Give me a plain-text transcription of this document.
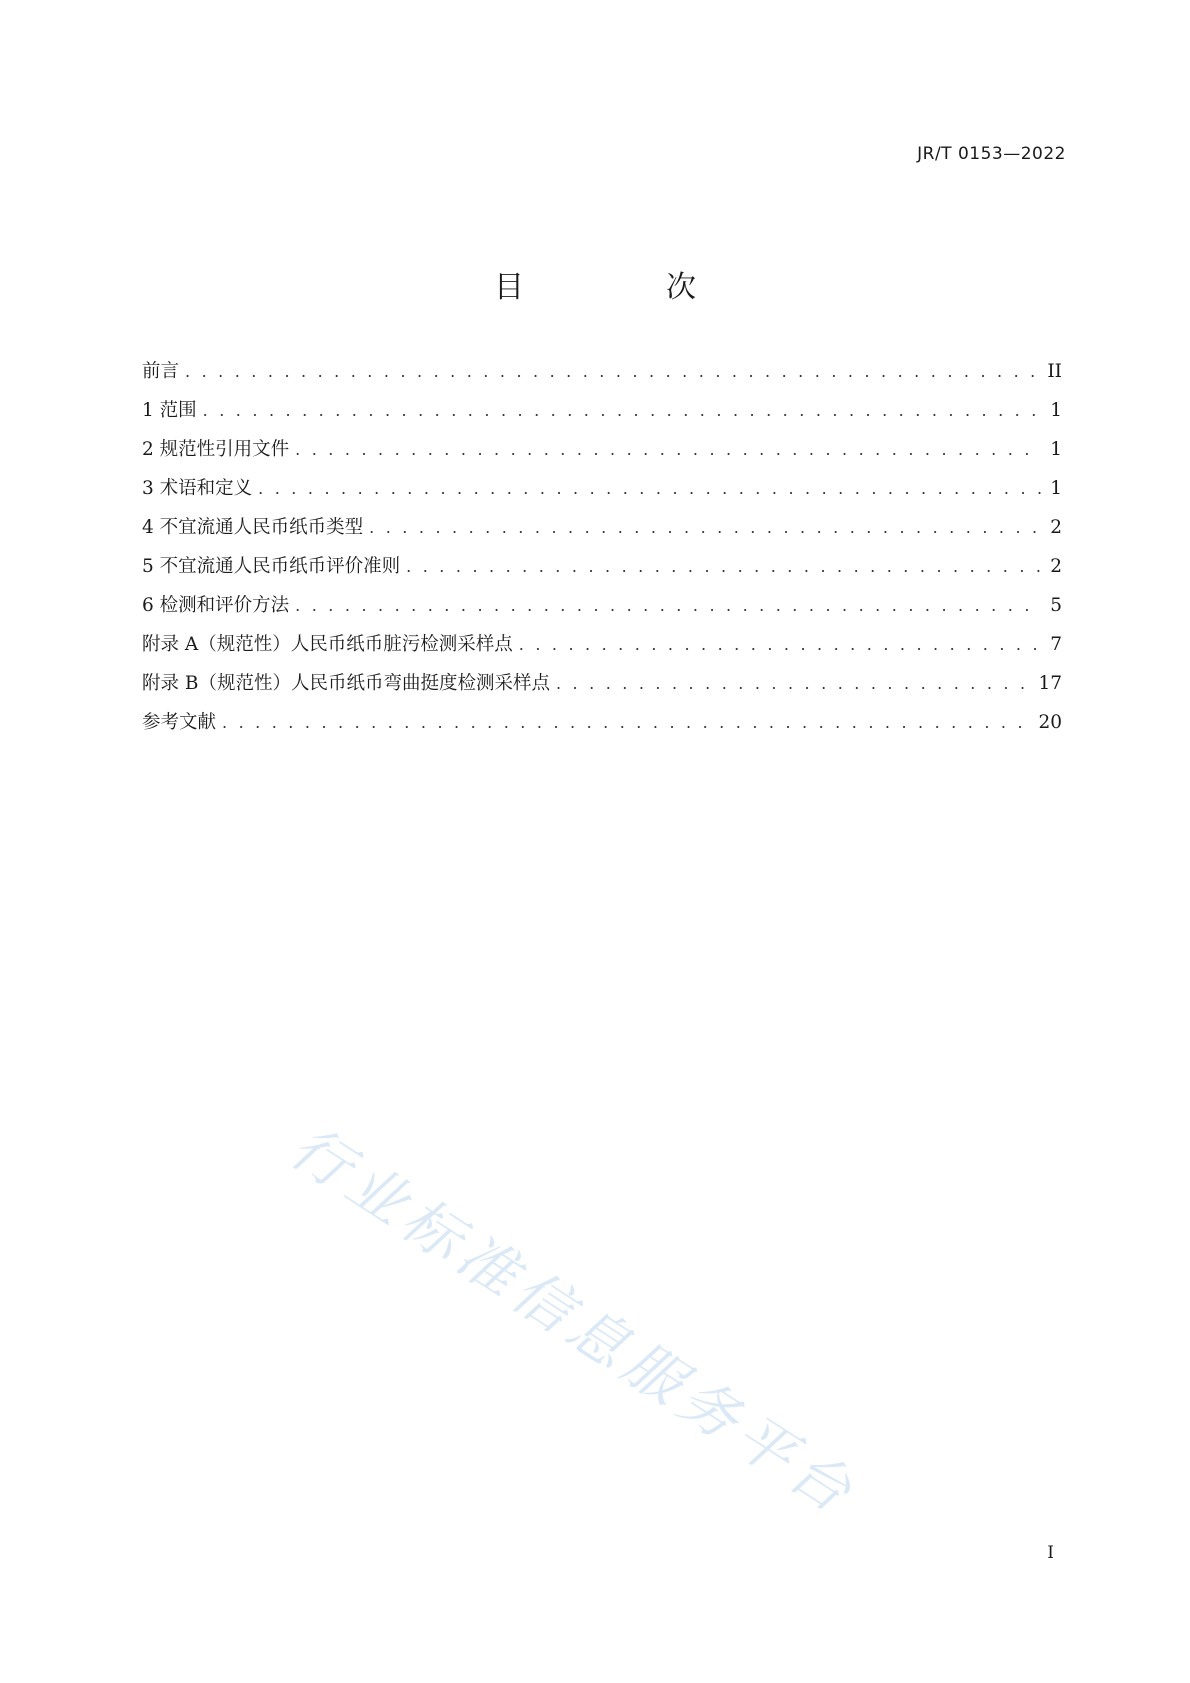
JR/T 0153—2022
目　次
前言 . . .	II
1 范围 . . .	1
2 规范性引用文件 . . .	1
3 术语和定义 . . .	1
4 不宜流通人民币纸币类型 . . .	2
5 不宜流通人民币纸币评价准则 . . .	2
6 检测和评价方法 . . .	5
附录 A（规范性）人民币纸币脏污检测采样点 . . .	7
附录 B（规范性）人民币纸币弯曲挺度检测采样点 . . .	17
参考文献 . . .	20
行业标准信息服务平台
I
